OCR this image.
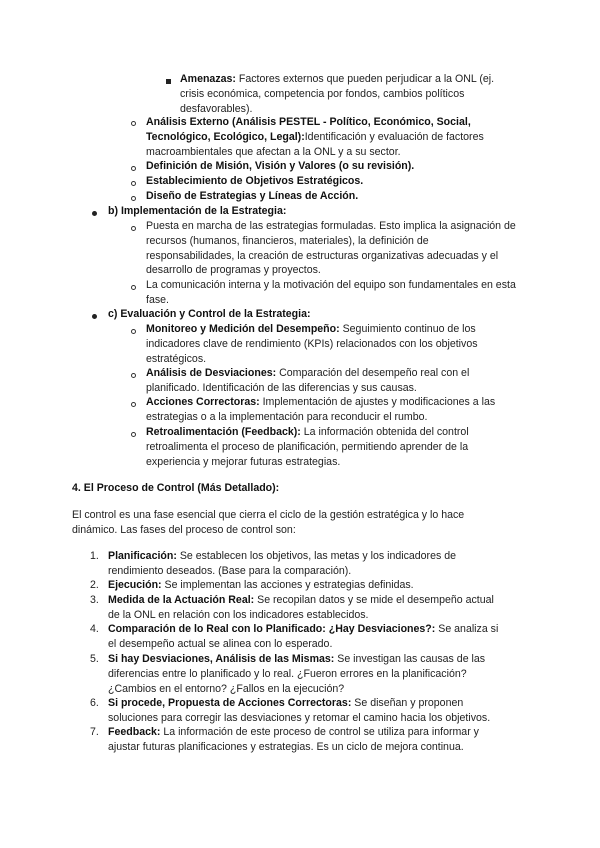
Amenazas: Factores externos que pueden perjudicar a la ONL (ej. crisis económica, competencia por fondos, cambios políticos desfavorables).

Análisis Externo (Análisis PESTEL - Político, Económico, Social, Tecnológico, Ecológico, Legal):Identificación y evaluación de factores macroambientales que afectan a la ONL y a su sector.

Definición de Misión, Visión y Valores (o su revisión).

Establecimiento de Objetivos Estratégicos.

Diseño de Estrategias y Líneas de Acción.

b) Implementación de la Estrategia:

Puesta en marcha de las estrategias formuladas. Esto implica la asignación de recursos (humanos, financieros, materiales), la definición de responsabilidades, la creación de estructuras organizativas adecuadas y el desarrollo de programas y proyectos.

La comunicación interna y la motivación del equipo son fundamentales en esta fase.

c) Evaluación y Control de la Estrategia:

Monitoreo y Medición del Desempeño: Seguimiento continuo de los indicadores clave de rendimiento (KPIs) relacionados con los objetivos estratégicos.

Análisis de Desviaciones: Comparación del desempeño real con el planificado. Identificación de las diferencias y sus causas.

Acciones Correctoras: Implementación de ajustes y modificaciones a las estrategias o a la implementación para reconducir el rumbo.

Retroalimentación (Feedback): La información obtenida del control retroalimenta el proceso de planificación, permitiendo aprender de la experiencia y mejorar futuras estrategias.

4. El Proceso de Control (Más Detallado):

El control es una fase esencial que cierra el ciclo de la gestión estratégica y lo hace dinámico. Las fases del proceso de control son:

1. Planificación: Se establecen los objetivos, las metas y los indicadores de rendimiento deseados. (Base para la comparación).

2. Ejecución: Se implementan las acciones y estrategias definidas.

3. Medida de la Actuación Real: Se recopilan datos y se mide el desempeño actual de la ONL en relación con los indicadores establecidos.

4. Comparación de lo Real con lo Planificado: ¿Hay Desviaciones?: Se analiza si el desempeño actual se alinea con lo esperado.

5. Si hay Desviaciones, Análisis de las Mismas: Se investigan las causas de las diferencias entre lo planificado y lo real. ¿Fueron errores en la planificación? ¿Cambios en el entorno? ¿Fallos en la ejecución?

6. Si procede, Propuesta de Acciones Correctoras: Se diseñan y proponen soluciones para corregir las desviaciones y retomar el camino hacia los objetivos.

7. Feedback: La información de este proceso de control se utiliza para informar y ajustar futuras planificaciones y estrategias. Es un ciclo de mejora continua.
